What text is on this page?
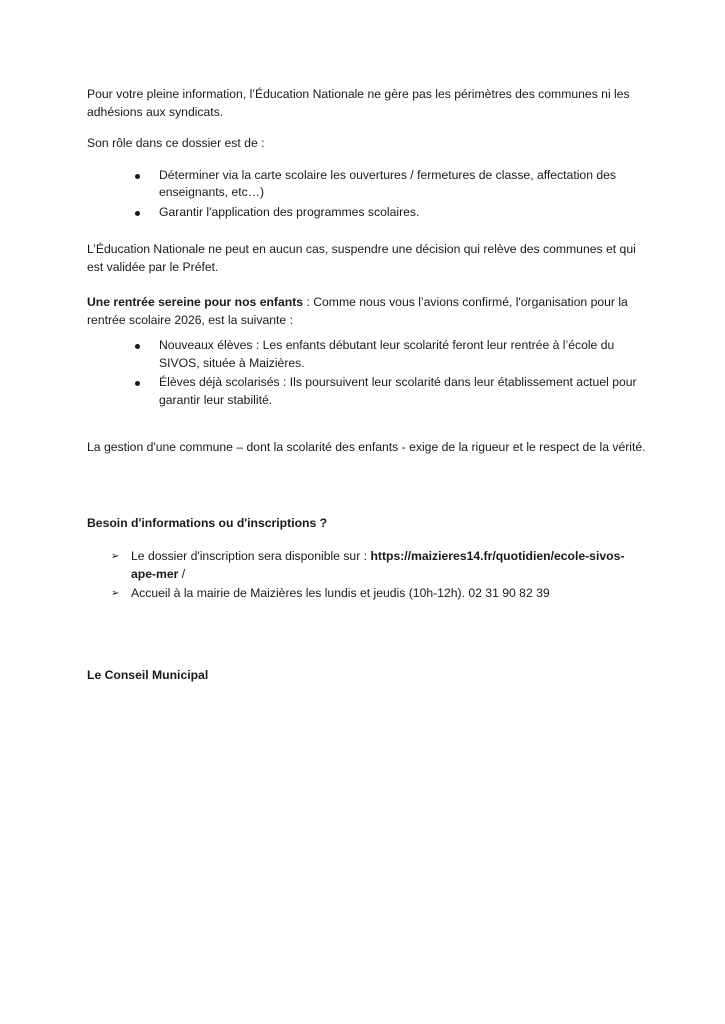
Pour votre pleine information, l’Éducation Nationale ne gère pas les périmètres des communes ni les adhésions aux syndicats.

Son rôle dans ce dossier est de :

Déterminer via la carte scolaire les ouvertures / fermetures de classe, affectation des enseignants, etc…)
Garantir l'application des programmes scolaires.

L’Éducation Nationale ne peut en aucun cas, suspendre une décision qui relève des communes et qui est validée par le Préfet.

Une rentrée sereine pour nos enfants : Comme nous vous l’avions confirmé, l'organisation pour la rentrée scolaire 2026, est la suivante :

Nouveaux élèves : Les enfants débutant leur scolarité feront leur rentrée à l’école du SIVOS, située à Maizières.
Élèves déjà scolarisés : Ils poursuivent leur scolarité dans leur établissement actuel pour garantir leur stabilité.

La gestion d'une commune – dont la scolarité des enfants - exige de la rigueur et le respect de la vérité.

Besoin d'informations ou d'inscriptions ?

➢ Le dossier d'inscription sera disponible sur : https://maizieres14.fr/quotidien/ecole-sivos-ape-mer /
➢ Accueil à la mairie de Maizières les lundis et jeudis (10h-12h). 02 31 90 82 39

Le Conseil Municipal
